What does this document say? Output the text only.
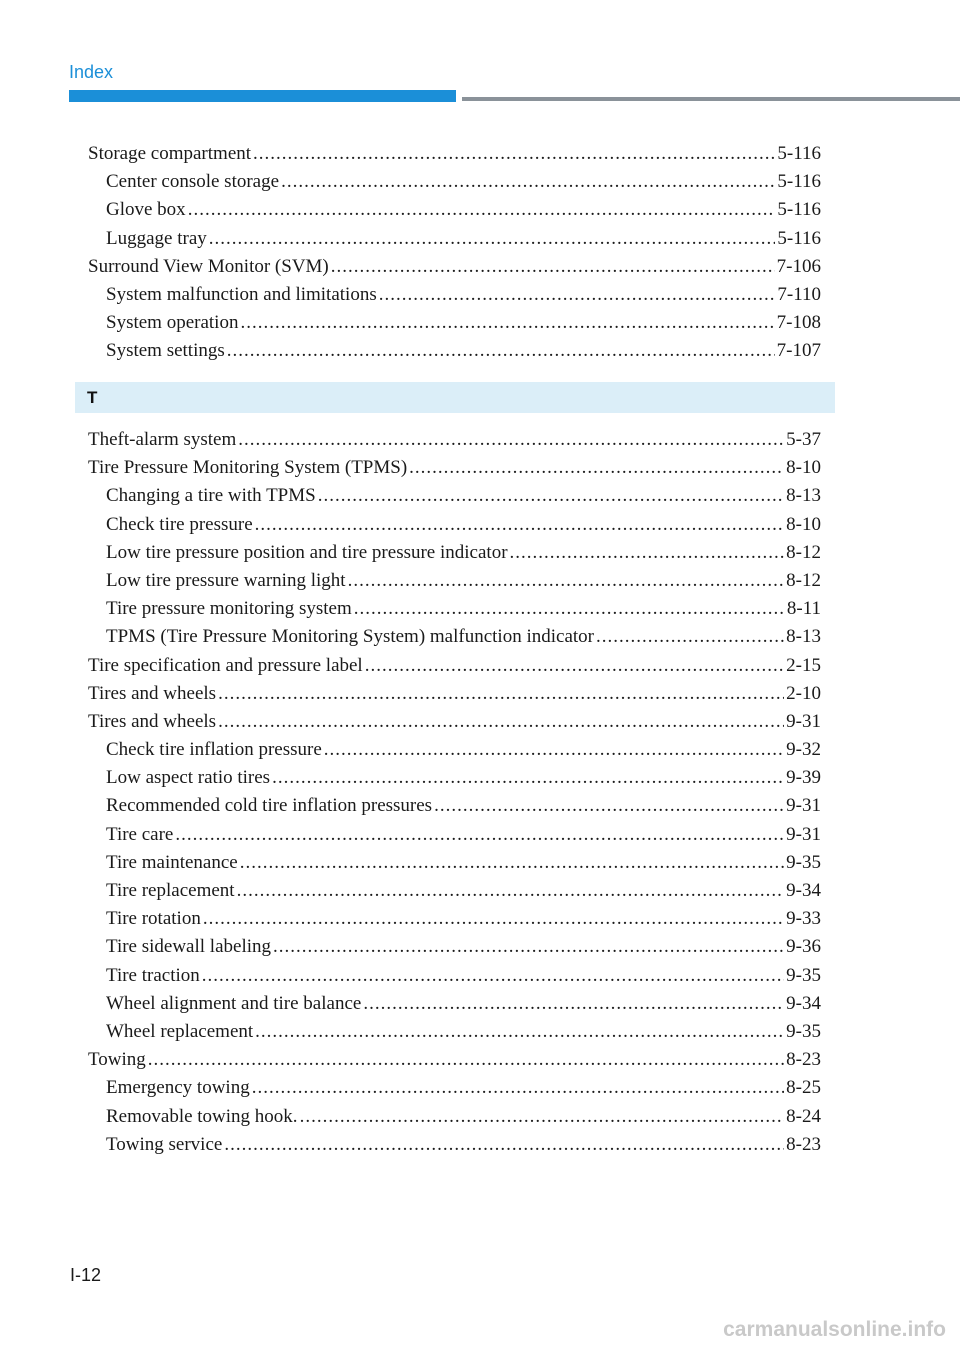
Index
Storage compartment .....	5-116
Center console storage .....	5-116
Glove box .....	5-116
Luggage tray .....	5-116
Surround View Monitor (SVM) .....	7-106
System malfunction and limitations .....	7-110
System operation .....	7-108
System settings .....	7-107
T
Theft-alarm system .....	5-37
Tire Pressure Monitoring System (TPMS) .....	8-10
Changing a tire with TPMS .....	8-13
Check tire pressure .....	8-10
Low tire pressure position and tire pressure indicator .....	8-12
Low tire pressure warning light .....	8-12
Tire pressure monitoring system .....	8-11
TPMS (Tire Pressure Monitoring System) malfunction indicator .....	8-13
Tire specification and pressure label .....	2-15
Tires and wheels .....	2-10
Tires and wheels .....	9-31
Check tire inflation pressure .....	9-32
Low aspect ratio tires .....	9-39
Recommended cold tire inflation pressures .....	9-31
Tire care .....	9-31
Tire maintenance .....	9-35
Tire replacement .....	9-34
Tire rotation .....	9-33
Tire sidewall labeling .....	9-36
Tire traction .....	9-35
Wheel alignment and tire balance .....	9-34
Wheel replacement .....	9-35
Towing .....	8-23
Emergency towing .....	8-25
Removable towing hook. .....	8-24
Towing service .....	8-23
I-12
carmanualsonline.info
